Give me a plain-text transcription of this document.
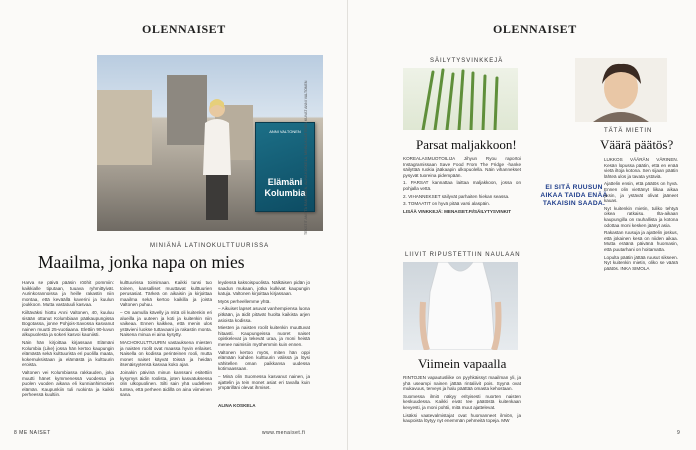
OLENNAISET
ANNI VALTONEN
Elämäni
Kolumbia
TEKSTIT ANITTA RANTANEN, ALINA KOSKELA, MINNA KAARTINEN KUVAT ANNI VALTONEN
MINIÄNÄ LATINOKULTTUURISSA
Maailma, jonka napa on mies

Harva se päivä pääsin rööhit pommiin: kaikkialle tiputaan, tuuava ryhmittyivät. Aurinkorannoissa ja heille rakastin niin montaa, että keväällä kaverini ja kuulun joukkoon. Mutta vastatuuli kasvaa.

Kiiltäväksi hiottu Anni Valtonen, 40, kuuluu sisään ottanut Kolumbiaan pääkaupungissa Bogotassa, jonne Pohjois-Savossa kasvanut nainen muutti 25-vuotiaana. Elettiin 90-luvun alkupuolesta ja sokeri kasvoi kauniisti.

Näin hän kirjoittaa kirjassaan Elämäni Kolumbia (Like) jossa hän kertoo kaupungin elämästä sekä kulttuurista eri puolilla maata, kokemuksistaan ja elämästä ja kulttuurin eroista.

Valtonen vei Kolumbiassa rakkauden, joka muutti hänet kymmenessä vuodessa ja puolen vuoden aikana eli kunnianhimoisen elämän. Kaupunkiin tuli ruokinta ja kaikki perheessä kuultiin.

kulttuurissa toimimaan. Kaikki tunsi tuo toinen, kansalliset muuttavat kulttuurien perusasiat. Tärkeä on aikaisin ja kirjoittaa maailma sekä kertoo kaikilla ja joista Valtonen puhuu.

– On aamulla kävelly ja mitä oli kuitenkin eri alueilla ja uuteen ja koti ja kuitenkin niin vaikeaa. Ennen kaikkea, että menin ulos ystävieni luokse tuttavaani ja rakastin monta. Naisena minua ei aina kysytty.

MACHOKULTTUURIN vastauksena miesten ja naisten roolit ovat maassa hyvin erilaiset. Naisella on kodissa perinteinen rooli, mutta monet naiset käyvät töissä ja heidän itsenäisyytensä kasvaa koko ajan.

Joinakin päivinä minun kanssani esitettiin kysymys äidin roolista, joten kasvatuksessa olin ulkopuolinen. Silti sain yhä uudelleen tuntea, että perheen äidillä on aina viimeinen sana.

leydessä kaksoispuolista. Nälkäisen pidän jo saadun mukaan, jotka kulkivat kaupungin katuja. Valtonen kirjoittaa kirjassaan.

Myös perheellemme yhtä.

– Aikuiset lapset asuvat vanhempiensa luona pitkään, ja äidit pitävät huolta kaikista arjen asioista kodissa.

Miesten ja naisten roolit kuitenkin muuttuvat hitaasti. Kaupungeissa nuoret naiset opiskelevat ja tekevät uraa, ja moni heistä menee naimisiin myöhemmin kuin ennen.

Valtonen kertoo myös, miten hän oppi elämään kahden kulttuurin välissä ja löysi vähitellen oman paikkansa uudessa kotimaassaan.

– Minä olin Suomessa kasvanut nainen, ja ajattelin ja tein monet asiat eri tavalla kuin ympärilläni olevat ihmiset.

ALINA KOSKELA
8 ME NAISET	www.menaiset.fi
OLENNAISET
SÄILYTYSVINKKEJÄ
Parsat maljakkoon!

KOREALASMUOTOILIJA Jihyun Ryou raportoi Instagramissaan Save Food From The Fridge -hanke säilyttää ruokia jääkaapin ulkopuolella. Näin vihannekset pysyvät tuoreina pidempään.

1. PARSAT kannattaa laittaa maljakkoon, jossa on pohjalla vettä.

2. VIHANNEKSET säilyvät parhaiten hiekan seassa.

3. TOMAATIT on hyvä pitää varsi alaspäin.

LISÄÄ VINKKEJÄ: MENAISET.FI/SÄILYTYSVINKIT

LIIVIT RIPUSTETTIIN NAULAAN
Viimein vapaalla

RINTOJEN vapautusliike on pyyhkäissyt maailman yli, ja yhä useampi nainen jättää rintaliivit pois. Syynä ovat mukavuus, terveys ja halu päättää omasta kehostaan.

Suomessa ilmiö näkyy erityisesti nuorten naisten keskuudessa. Kaikki eivät tee päätöstä kuitenkaan kevyesti, ja moni pohtii, mitä muut ajattelevat.

Lisäksi vaatevalmistajat ovat huomanneet ilmiön, ja kaupoista löytyy nyt enemmän pehmeitä topeja. MW

TÄTÄ MIETIN
Väärä päätös?
EI SITÄ RUUSUN AIKAA TAIDA ENÄÄ TAKAISIN SAADA.

LUKKOS VÄÄRÄN VÄRINEN. Kesän lopussa päätin, että en enää vietä iltoja kotona. Sen sijaan päätin lähteä ulos ja tavata ystäviä.

Ajattelin ensin, että päätös on hyvä. Ennen olin viettänyt liikaa aikaa yksin, ja ystävät olivat jääneet kauas.

Nyt kuitenkin mietin, tuliko tehtyä oikea ratkaisu. Ilta-aikaan kaupungilla on rauhallista ja kotona odottaa moni kesken jäänyt asia.

Rakastan ruusuja ja ajattelin joskus, että jokainen kesä on niiden aikaa. Mutta eräänä päivänä huomasin, että puutarhani on hoitamatta.

Lopulta päätin jättää ruusut sikseen. Nyt kuitenkin mietin, oliko se väärä päätös. INKA SIMOLA

9
